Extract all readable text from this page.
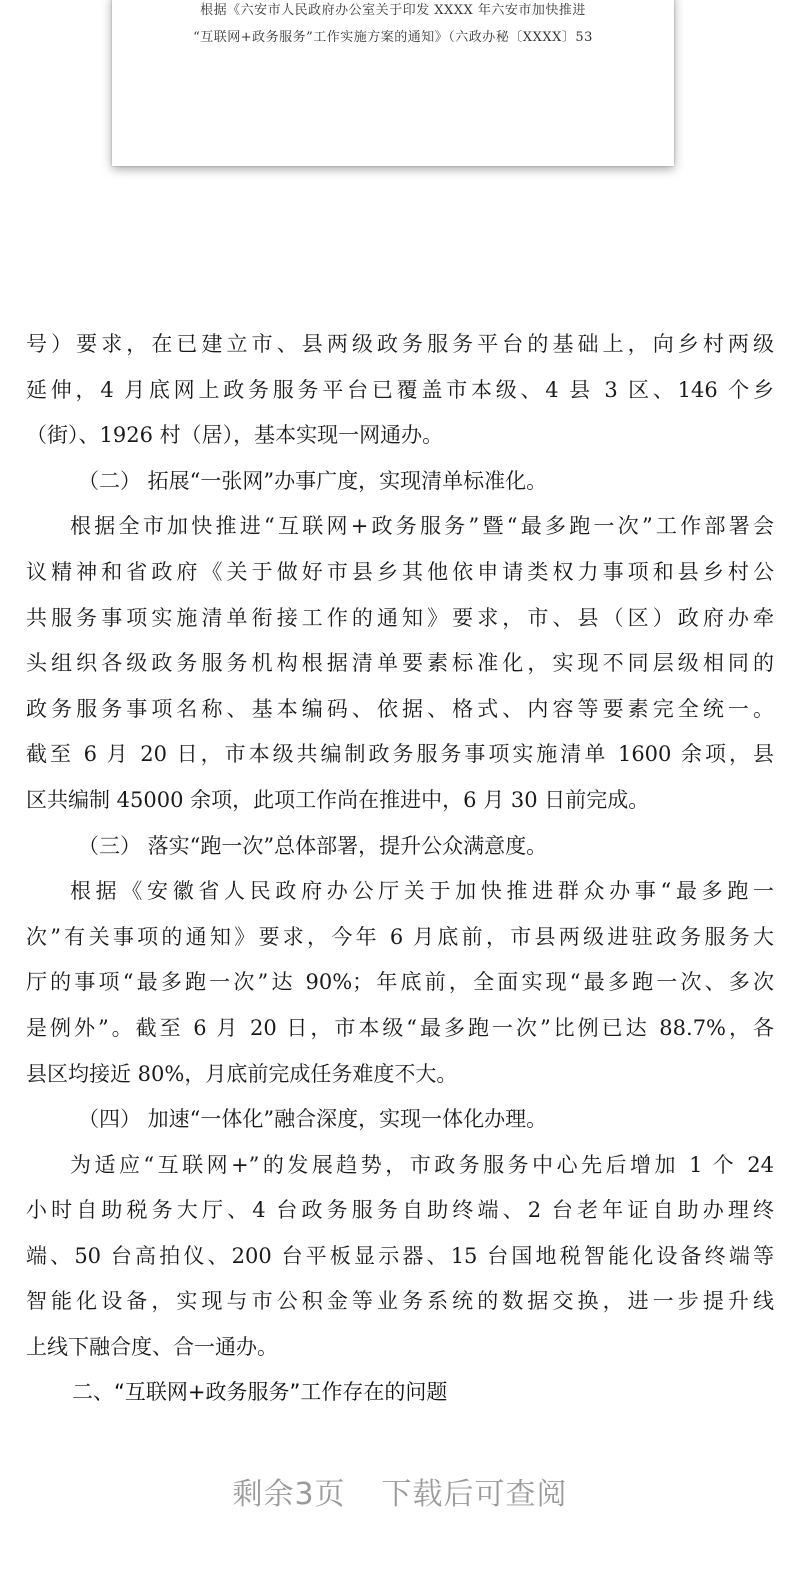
根据《六安市人民政府办公室关于印发 XXXX 年六安市加快推进
“互联网+政务服务”工作实施方案的通知》（六政办秘〔XXXX〕53
号）要求，在已建立市、县两级政务服务平台的基础上，向乡村两级
延伸，4 月底网上政务服务平台已覆盖市本级、4 县 3 区、146 个乡
（街）、1926 村（居），基本实现一网通办。
（二） 拓展“一张网”办事广度，实现清单标准化。
根据全市加快推进“互联网+政务服务”暨“最多跑一次”工作部署会
议精神和省政府《关于做好市县乡其他依申请类权力事项和县乡村公
共服务事项实施清单衔接工作的通知》要求，市、县（区）政府办牵
头组织各级政务服务机构根据清单要素标准化，实现不同层级相同的
政务服务事项名称、基本编码、依据、格式、内容等要素完全统一。
截至 6 月 20 日，市本级共编制政务服务事项实施清单 1600 余项，县
区共编制 45000 余项，此项工作尚在推进中，6 月 30 日前完成。
（三） 落实“跑一次”总体部署，提升公众满意度。
根据《安徽省人民政府办公厅关于加快推进群众办事“最多跑一
次”有关事项的通知》要求，今年 6 月底前，市县两级进驻政务服务大
厅的事项“最多跑一次”达 90%；年底前，全面实现“最多跑一次、多次
是例外”。截至 6 月 20 日，市本级“最多跑一次”比例已达 88.7%，各
县区均接近 80%，月底前完成任务难度不大。
（四） 加速“一体化”融合深度，实现一体化办理。
为适应“互联网+”的发展趋势，市政务服务中心先后增加 1 个 24
小时自助税务大厅、4 台政务服务自助终端、2 台老年证自助办理终
端、50 台高拍仪、200 台平板显示器、15 台国地税智能化设备终端等
智能化设备，实现与市公积金等业务系统的数据交换，进一步提升线
上线下融合度、合一通办。
二、“互联网+政务服务”工作存在的问题
剩余3页 下载后可查阅
